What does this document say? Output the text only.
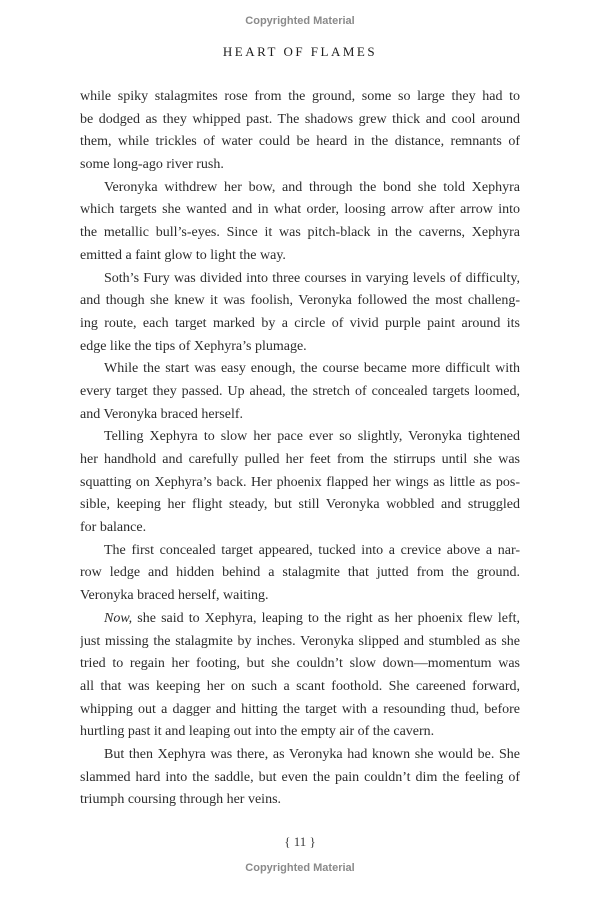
Copyrighted Material
HEART OF FLAMES
while spiky stalagmites rose from the ground, some so large they had to
be dodged as they whipped past. The shadows grew thick and cool around
them, while trickles of water could be heard in the distance, remnants of
some long-ago river rush.
Veronyka withdrew her bow, and through the bond she told Xephyra
which targets she wanted and in what order, loosing arrow after arrow into
the metallic bull’s-eyes. Since it was pitch-black in the caverns, Xephyra
emitted a faint glow to light the way.
Soth’s Fury was divided into three courses in varying levels of difficulty,
and though she knew it was foolish, Veronyka followed the most challeng-
ing route, each target marked by a circle of vivid purple paint around its
edge like the tips of Xephyra’s plumage.
While the start was easy enough, the course became more difficult with
every target they passed. Up ahead, the stretch of concealed targets loomed,
and Veronyka braced herself.
Telling Xephyra to slow her pace ever so slightly, Veronyka tightened
her handhold and carefully pulled her feet from the stirrups until she was
squatting on Xephyra’s back. Her phoenix flapped her wings as little as pos-
sible, keeping her flight steady, but still Veronyka wobbled and struggled
for balance.
The first concealed target appeared, tucked into a crevice above a nar-
row ledge and hidden behind a stalagmite that jutted from the ground.
Veronyka braced herself, waiting.
Now, she said to Xephyra, leaping to the right as her phoenix flew left,
just missing the stalagmite by inches. Veronyka slipped and stumbled as she
tried to regain her footing, but she couldn’t slow down—momentum was
all that was keeping her on such a scant foothold. She careened forward,
whipping out a dagger and hitting the target with a resounding thud, before
hurtling past it and leaping out into the empty air of the cavern.
But then Xephyra was there, as Veronyka had known she would be. She
slammed hard into the saddle, but even the pain couldn’t dim the feeling of
triumph coursing through her veins.
{ 11 }
Copyrighted Material
